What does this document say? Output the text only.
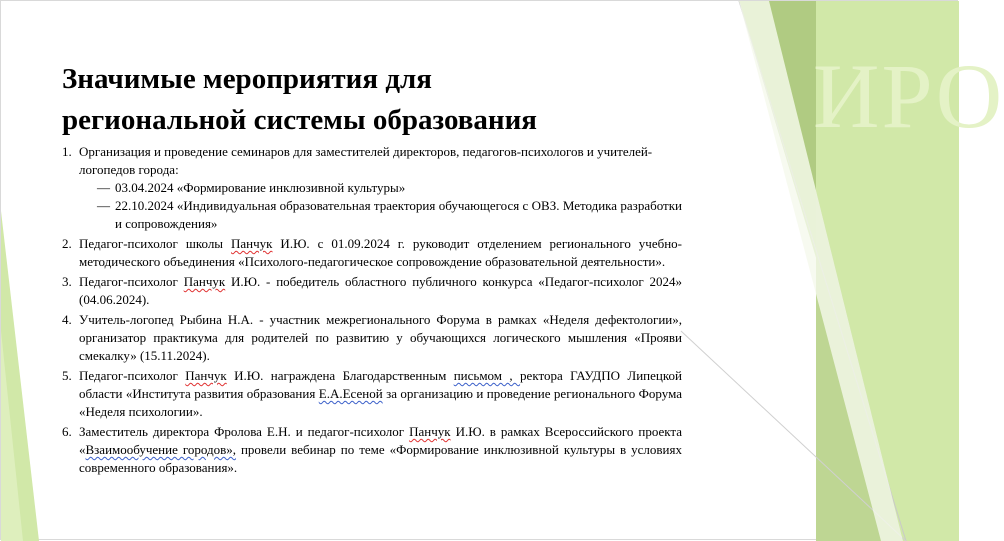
ИРО
Значимые мероприятия для
региональной системы образования
1. Организация и проведение семинаров для заместителей директоров, педагогов-психологов и учителей-логопедов города:
— 03.04.2024 «Формирование инклюзивной культуры»
— 22.10.2024 «Индивидуальная образовательная траектория обучающегося с ОВЗ. Методика разработки и сопровождения»
2. Педагог-психолог школы Панчук И.Ю. с 01.09.2024 г. руководит отделением регионального учебно-методического объединения «Психолого-педагогическое сопровождение образовательной деятельности».
3. Педагог-психолог Панчук И.Ю. - победитель областного публичного конкурса «Педагог-психолог 2024» (04.06.2024).
4. Учитель-логопед Рыбина Н.А. - участник межрегионального Форума в рамках «Неделя дефектологии», организатор практикума для родителей по развитию у обучающихся логического мышления «Прояви смекалку» (15.11.2024).
5. Педагог-психолог Панчук И.Ю. награждена Благодарственным письмом , ректора ГАУДПО Липецкой области «Института развития образования Е.А.Есеной за организацию и проведение регионального Форума «Неделя психологии».
6. Заместитель директора Фролова Е.Н. и педагог-психолог Панчук И.Ю. в рамках Всероссийского проекта «Взаимообучение городов», провели вебинар по теме «Формирование инклюзивной культуры в условиях современного образования».
